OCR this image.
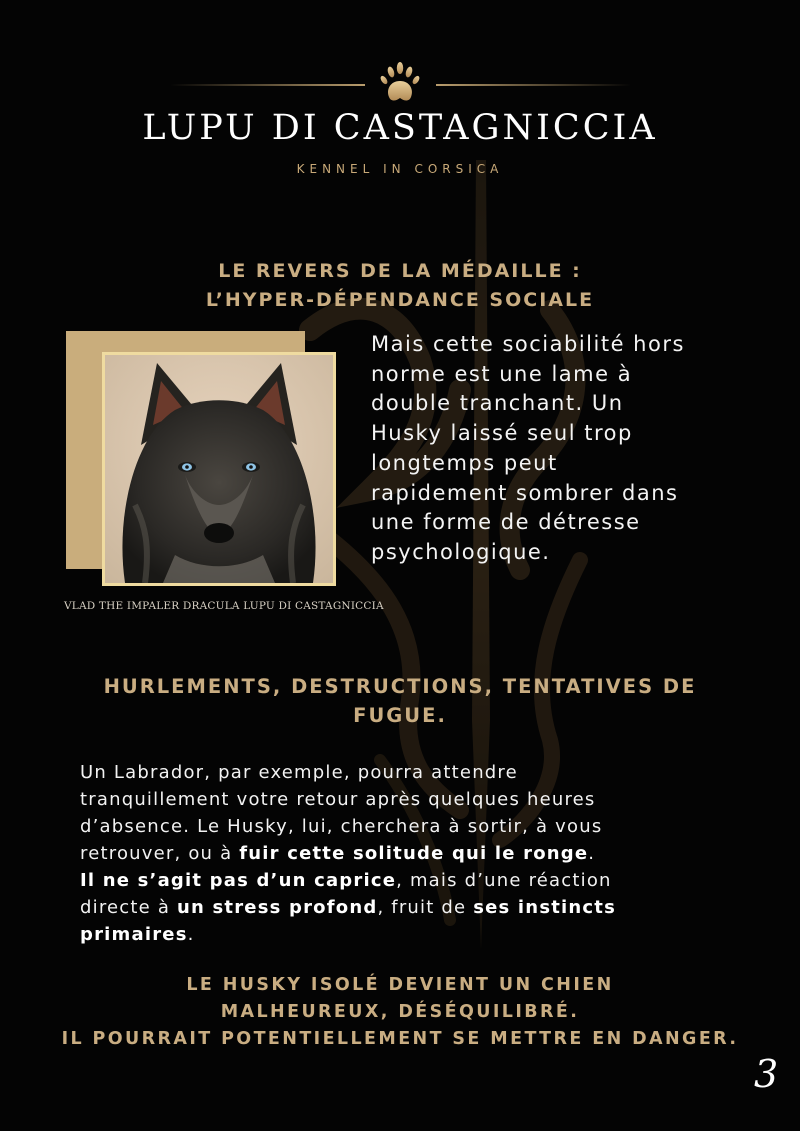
LUPU DI CASTAGNICCIA
KENNEL IN CORSICA
LE REVERS DE LA MÉDAILLE :
L’HYPER-DÉPENDANCE SOCIALE
VLAD THE IMPALER DRACULA LUPU DI CASTAGNICCIA
Mais cette sociabilité hors
norme est une lame à
double tranchant. Un
Husky laissé seul trop
longtemps peut
rapidement sombrer dans
une forme de détresse
psychologique.
HURLEMENTS, DESTRUCTIONS, TENTATIVES DE
FUGUE.
Un Labrador, par exemple, pourra attendre
tranquillement votre retour après quelques heures
d’absence. Le Husky, lui, cherchera à sortir, à vous
retrouver, ou à fuir cette solitude qui le ronge.
Il ne s’agit pas d’un caprice, mais d’une réaction
directe à un stress profond, fruit de ses instincts
primaires.
LE HUSKY ISOLÉ DEVIENT UN CHIEN
MALHEUREUX, DÉSÉQUILIBRÉ.
IL POURRAIT POTENTIELLEMENT SE METTRE EN DANGER.
3
